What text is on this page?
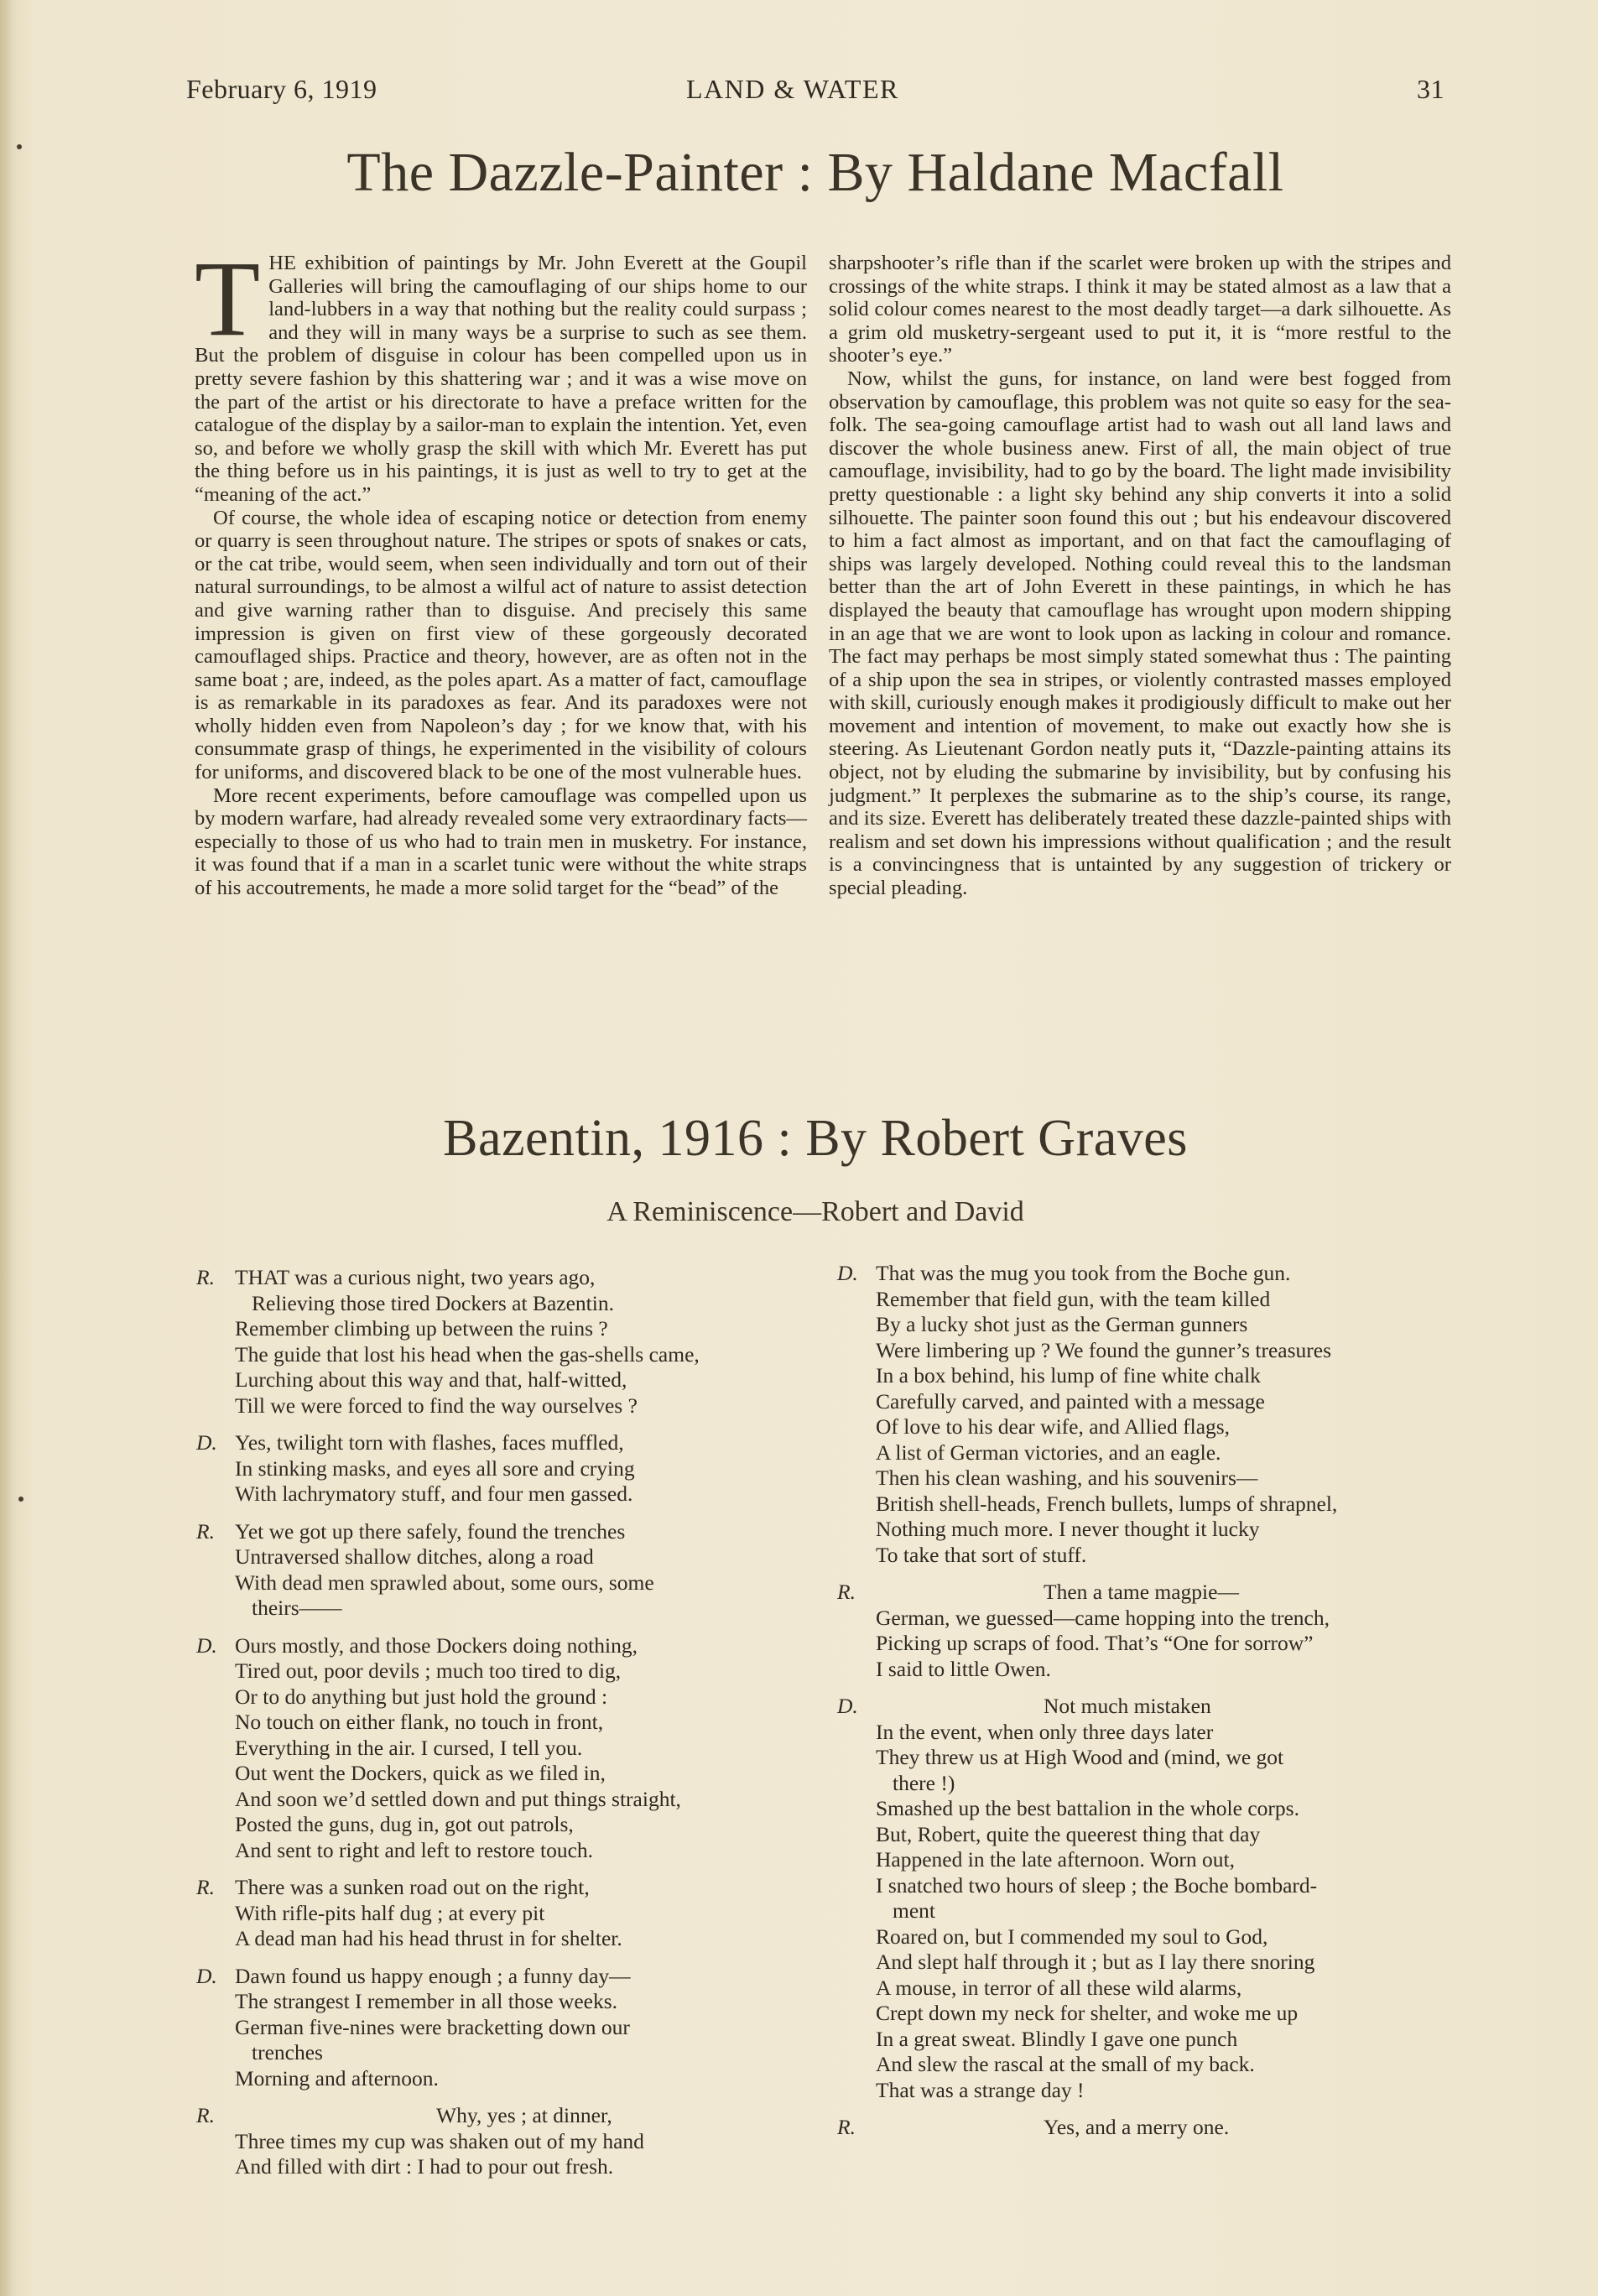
February 6, 1919	LAND & WATER	31
The Dazzle-Painter : By Haldane Macfall

THE exhibition of paintings by Mr. John Everett at the Goupil Galleries will bring the camouflaging of our ships home to our land-lubbers in a way that nothing but the reality could surpass ; and they will in many ways be a surprise to such as see them. But the problem of disguise in colour has been compelled upon us in pretty severe fashion by this shattering war ; and it was a wise move on the part of the artist or his directorate to have a preface written for the catalogue of the display by a sailor-man to explain the intention. Yet, even so, and before we wholly grasp the skill with which Mr. Everett has put the thing before us in his paintings, it is just as well to try to get at the “meaning of the act.”

Of course, the whole idea of escaping notice or detection from enemy or quarry is seen throughout nature. The stripes or spots of snakes or cats, or the cat tribe, would seem, when seen individually and torn out of their natural surroundings, to be almost a wilful act of nature to assist detection and give warning rather than to disguise. And precisely this same impression is given on first view of these gorgeously decorated camouflaged ships. Practice and theory, however, are as often not in the same boat ; are, indeed, as the poles apart. As a matter of fact, camouflage is as remarkable in its paradoxes as fear. And its paradoxes were not wholly hidden even from Napoleon’s day ; for we know that, with his consummate grasp of things, he experimented in the visibility of colours for uniforms, and discovered black to be one of the most vulnerable hues.

More recent experiments, before camouflage was compelled upon us by modern warfare, had already revealed some very extraordinary facts—especially to those of us who had to train men in musketry. For instance, it was found that if a man in a scarlet tunic were without the white straps of his accoutrements, he made a more solid target for the “bead” of the

sharpshooter’s rifle than if the scarlet were broken up with the stripes and crossings of the white straps. I think it may be stated almost as a law that a solid colour comes nearest to the most deadly target—a dark silhouette. As a grim old musketry-sergeant used to put it, it is “more restful to the shooter’s eye.”

Now, whilst the guns, for instance, on land were best fogged from observation by camouflage, this problem was not quite so easy for the sea-folk. The sea-going camouflage artist had to wash out all land laws and discover the whole business anew. First of all, the main object of true camouflage, invisibility, had to go by the board. The light made invisibility pretty questionable : a light sky behind any ship converts it into a solid silhouette. The painter soon found this out ; but his endeavour discovered to him a fact almost as important, and on that fact the camouflaging of ships was largely developed. Nothing could reveal this to the landsman better than the art of John Everett in these paintings, in which he has displayed the beauty that camouflage has wrought upon modern shipping in an age that we are wont to look upon as lacking in colour and romance. The fact may perhaps be most simply stated somewhat thus : The painting of a ship upon the sea in stripes, or violently contrasted masses employed with skill, curiously enough makes it prodigiously difficult to make out her movement and intention of movement, to make out exactly how she is steering. As Lieutenant Gordon neatly puts it, “Dazzle-painting attains its object, not by eluding the submarine by invisibility, but by confusing his judgment.” It perplexes the submarine as to the ship’s course, its range, and its size. Everett has deliberately treated these dazzle-painted ships with realism and set down his impressions without qualification ; and the result is a convincingness that is untainted by any suggestion of trickery or special pleading.

Bazentin, 1916 : By Robert Graves
A Reminiscence—Robert and David
R. THAT was a curious night, two years ago,
Relieving those tired Dockers at Bazentin.
Remember climbing up between the ruins ?
The guide that lost his head when the gas-shells came,
Lurching about this way and that, half-witted,
Till we were forced to find the way ourselves ?
D. Yes, twilight torn with flashes, faces muffled,
In stinking masks, and eyes all sore and crying
With lachrymatory stuff, and four men gassed.
R. Yet we got up there safely, found the trenches
Untraversed shallow ditches, along a road
With dead men sprawled about, some ours, some
theirs——
D. Ours mostly, and those Dockers doing nothing,
Tired out, poor devils ; much too tired to dig,
Or to do anything but just hold the ground :
No touch on either flank, no touch in front,
Everything in the air. I cursed, I tell you.
Out went the Dockers, quick as we filed in,
And soon we’d settled down and put things straight,
Posted the guns, dug in, got out patrols,
And sent to right and left to restore touch.
R. There was a sunken road out on the right,
With rifle-pits half dug ; at every pit
A dead man had his head thrust in for shelter.
D. Dawn found us happy enough ; a funny day—
The strangest I remember in all those weeks.
German five-nines were bracketting down our
trenches
Morning and afternoon.
R.	Why, yes ; at dinner,
Three times my cup was shaken out of my hand
And filled with dirt : I had to pour out fresh.
D. That was the mug you took from the Boche gun.
Remember that field gun, with the team killed
By a lucky shot just as the German gunners
Were limbering up ? We found the gunner’s treasures
In a box behind, his lump of fine white chalk
Carefully carved, and painted with a message
Of love to his dear wife, and Allied flags,
A list of German victories, and an eagle.
Then his clean washing, and his souvenirs—
British shell-heads, French bullets, lumps of shrapnel,
Nothing much more. I never thought it lucky
To take that sort of stuff.
R.	Then a tame magpie—
German, we guessed—came hopping into the trench,
Picking up scraps of food. That’s “One for sorrow”
I said to little Owen.
D.	Not much mistaken
In the event, when only three days later
They threw us at High Wood and (mind, we got
there !)
Smashed up the best battalion in the whole corps.
But, Robert, quite the queerest thing that day
Happened in the late afternoon. Worn out,
I snatched two hours of sleep ; the Boche bombard-
ment
Roared on, but I commended my soul to God,
And slept half through it ; but as I lay there snoring
A mouse, in terror of all these wild alarms,
Crept down my neck for shelter, and woke me up
In a great sweat. Blindly I gave one punch
And slew the rascal at the small of my back.
That was a strange day !
R.	Yes, and a merry one.
